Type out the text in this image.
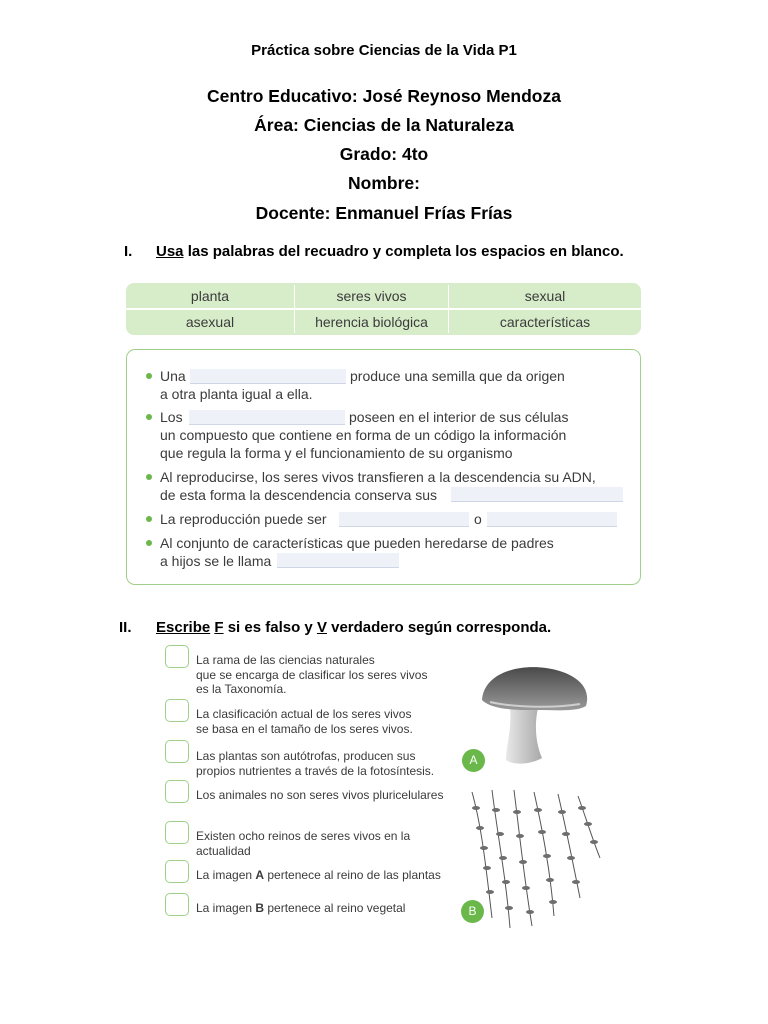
Práctica sobre Ciencias de la Vida P1
Centro Educativo: José Reynoso Mendoza
Área: Ciencias de la Naturaleza
Grado: 4to
Nombre:
Docente: Enmanuel Frías Frías
I. Usa las palabras del recuadro y completa los espacios en blanco.
planta	seres vivos	sexual
asexual	herencia biológica	características
Una	produce una semilla que da origen
a otra planta igual a ella.
Los	poseen en el interior de sus células
un compuesto que contiene en forma de un código la información
que regula la forma y el funcionamiento de su organismo
Al reproducirse, los seres vivos transfieren a la descendencia su ADN,
de esta forma la descendencia conserva sus
La reproducción puede ser	o
Al conjunto de características que pueden heredarse de padres
a hijos se le llama
II. Escribe F si es falso y V verdadero según corresponda.
La rama de las ciencias naturales
que se encarga de clasificar los seres vivos
es la Taxonomía.
La clasificación actual de los seres vivos
se basa en el tamaño de los seres vivos.
Las plantas son autótrofas, producen sus
propios nutrientes a través de la fotosíntesis.
Los animales no son seres vivos pluricelulares
Existen ocho reinos de seres vivos en la
actualidad
La imagen A pertenece al reino de las plantas
La imagen B pertenece al reino vegetal
A
B
